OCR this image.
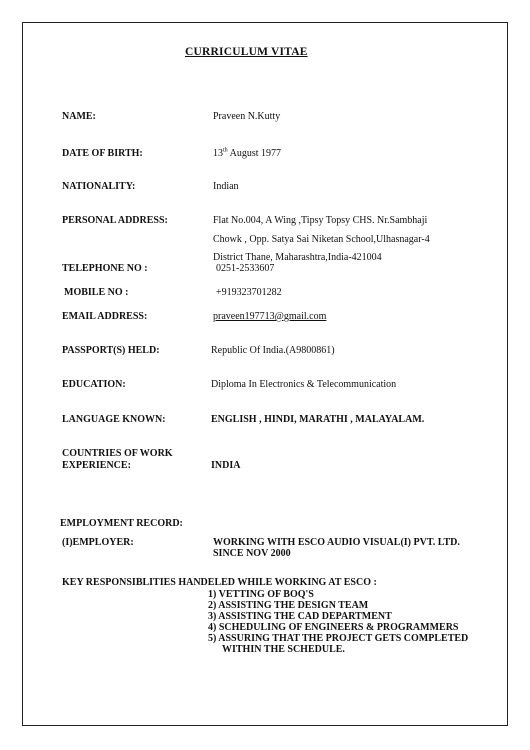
CURRICULUM VITAE
NAME:	Praveen N.Kutty
DATE OF BIRTH:	13th August 1977
NATIONALITY:	Indian
PERSONAL ADDRESS:	Flat No.004, A Wing ,Tipsy Topsy CHS. Nr.Sambhaji
Chowk , Opp. Satya Sai Niketan School,Ulhasnagar-4
District Thane, Maharashtra,India-421004
TELEPHONE NO :	0251-2533607
MOBILE NO :	+919323701282
EMAIL ADDRESS:	praveen197713@gmail.com
PASSPORT(S) HELD:	Republic Of India.(A9800861)
EDUCATION:	Diploma In Electronics & Telecommunication
LANGUAGE KNOWN:	ENGLISH , HINDI, MARATHI , MALAYALAM.
COUNTRIES OF WORK
EXPERIENCE:	INDIA
EMPLOYMENT RECORD:
(I)EMPLOYER:	WORKING WITH ESCO AUDIO VISUAL(I) PVT. LTD.
SINCE NOV 2000
KEY RESPONSIBLITIES HANDELED WHILE WORKING AT ESCO :
1) VETTING OF BOQ'S
2) ASSISTING THE DESIGN TEAM
3) ASSISTING THE CAD DEPARTMENT
4) SCHEDULING OF ENGINEERS & PROGRAMMERS
5) ASSURING THAT THE PROJECT GETS COMPLETED
WITHIN THE SCHEDULE.
